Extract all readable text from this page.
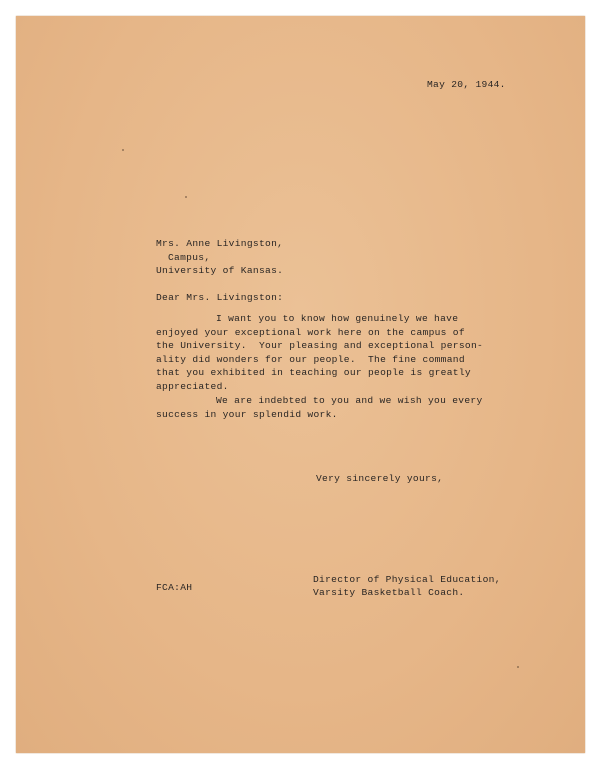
May 20, 1944.
Mrs. Anne Livingston,
Campus,
University of Kansas.
Dear Mrs. Livingston:
I want you to know how genuinely we have
enjoyed your exceptional work here on the campus of
the University.  Your pleasing and exceptional person-
ality did wonders for our people.  The fine command
that you exhibited in teaching our people is greatly
appreciated.
We are indebted to you and we wish you every
success in your splendid work.
Very sincerely yours,
Director of Physical Education,
Varsity Basketball Coach.
FCA:AH
